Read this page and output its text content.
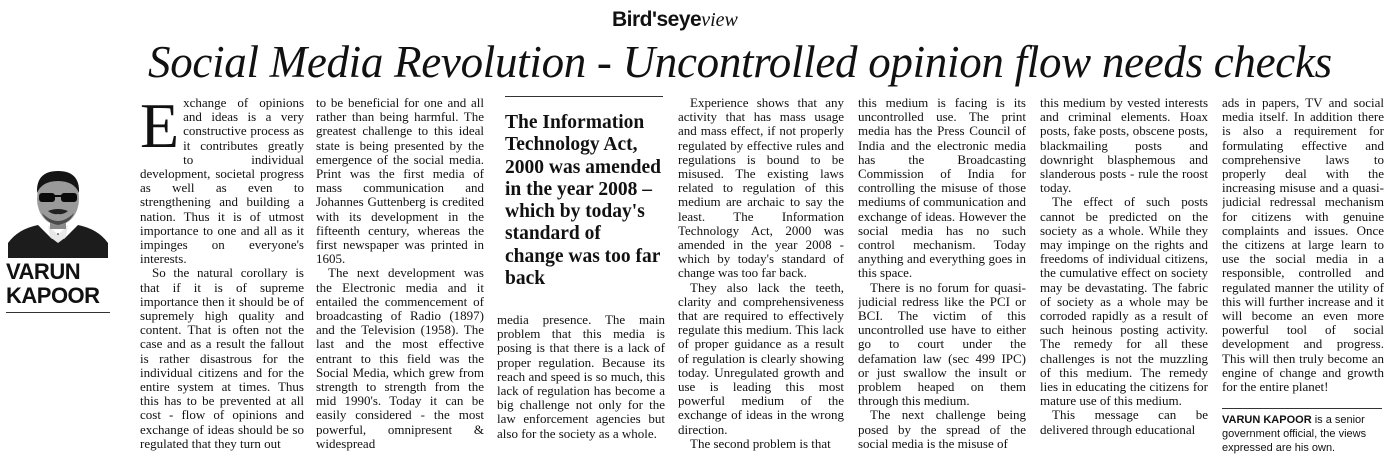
Bird'seyeview
Social Media Revolution - Uncontrolled opinion flow needs checks
VARUN
KAPOOR

Exchange of opinions and ideas is a very constructive process as it contributes greatly to individual development, societal progress as well as even to strengthening and building a nation. Thus it is of utmost importance to one and all as it impinges on everyone's interests.

So the natural corollary is that if it is of supreme importance then it should be of supremely high quality and content. That is often not the case and as a result the fallout is rather disastrous for the individual citizens and for the entire system at times. Thus this has to be prevented at all cost - flow of opinions and exchange of ideas should be so regulated that they turn out

to be beneficial for one and all rather than being harmful. The greatest challenge to this ideal state is being presented by the emergence of the social media. Print was the first media of mass communication and Johannes Guttenberg is credited with its development in the fifteenth century, whereas the first newspaper was printed in 1605.

The next development was the Electronic media and it entailed the commencement of broadcasting of Radio (1897) and the Television (1958). The last and the most effective entrant to this field was the Social Media, which grew from strength to strength from the mid 1990's. Today it can be easily considered - the most powerful, omnipresent & widespread

The Information Technology Act, 2000 was amended in the year 2008 – which by today's standard of change was too far back

media presence. The main problem that this media is posing is that there is a lack of proper regulation. Because its reach and speed is so much, this lack of regulation has become a big challenge not only for the law enforcement agencies but also for the society as a whole.

Experience shows that any activity that has mass usage and mass effect, if not properly regulated by effective rules and regulations is bound to be misused. The existing laws related to regulation of this medium are archaic to say the least. The Information Technology Act, 2000 was amended in the year 2008 - which by today's standard of change was too far back.

They also lack the teeth, clarity and comprehensiveness that are required to effectively regulate this medium. This lack of proper guidance as a result of regulation is clearly showing today. Unregulated growth and use is leading this most powerful medium of the exchange of ideas in the wrong direction.

The second problem is that

this medium is facing is its uncontrolled use. The print media has the Press Council of India and the electronic media has the Broadcasting Commission of India for controlling the misuse of those mediums of communication and exchange of ideas. However the social media has no such control mechanism. Today anything and everything goes in this space.

There is no forum for quasi-judicial redress like the PCI or BCI. The victim of this uncontrolled use have to either go to court under the defamation law (sec 499 IPC) or just swallow the insult or problem heaped on them through this medium.

The next challenge being posed by the spread of the social media is the misuse of

this medium by vested interests and criminal elements. Hoax posts, fake posts, obscene posts, blackmailing posts and downright blasphemous and slanderous posts - rule the roost today.

The effect of such posts cannot be predicted on the society as a whole. While they may impinge on the rights and freedoms of individual citizens, the cumulative effect on society may be devastating. The fabric of society as a whole may be corroded rapidly as a result of such heinous posting activity. The remedy for all these challenges is not the muzzling of this medium. The remedy lies in educating the citizens for mature use of this medium.

This message can be delivered through educational

ads in papers, TV and social media itself. In addition there is also a requirement for formulating effective and comprehensive laws to properly deal with the increasing misuse and a quasi-judicial redressal mechanism for citizens with genuine complaints and issues. Once the citizens at large learn to use the social media in a responsible, controlled and regulated manner the utility of this will further increase and it will become an even more powerful tool of social development and progress. This will then truly become an engine of change and growth for the entire planet!

VARUN KAPOOR is a senior government official, the views expressed are his own.
